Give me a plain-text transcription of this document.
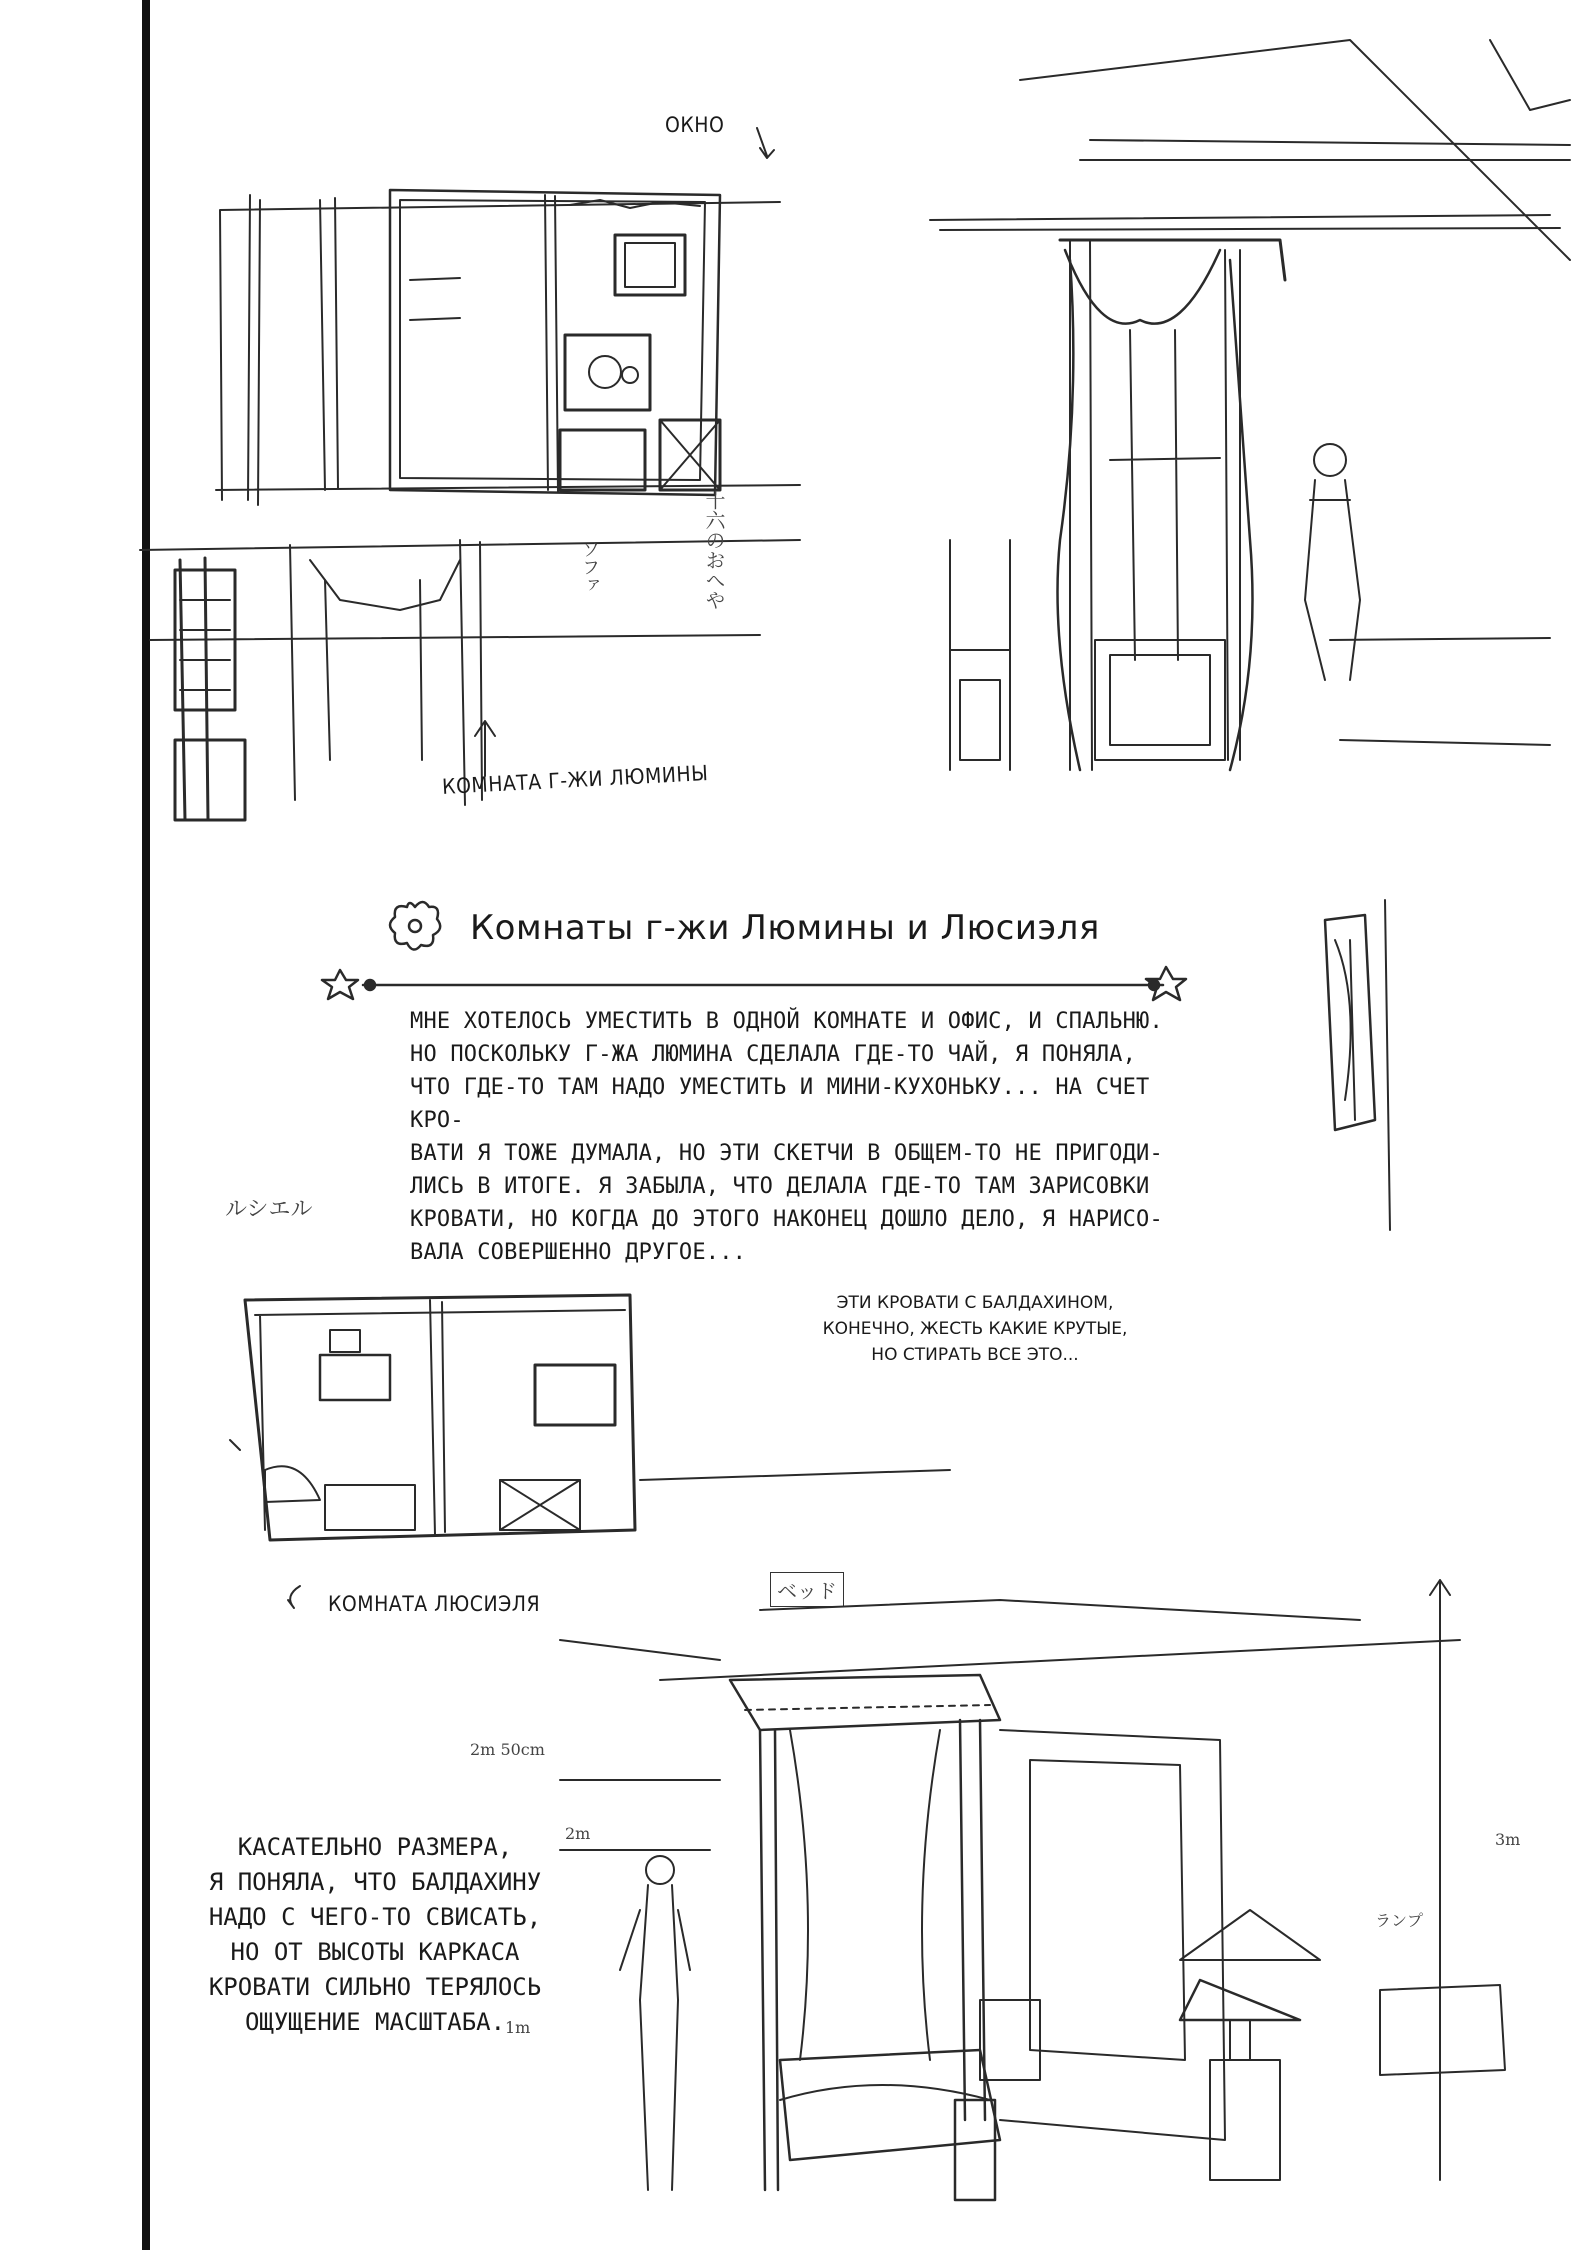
ОКНО
КОМНАТА Г-ЖИ ЛЮМИНЫ
十六のおへや
ソファ
Комнаты г-жи Люмины и Люсиэля
МНЕ ХОТЕЛОСЬ УМЕСТИТЬ В ОДНОЙ КОМНАТЕ И ОФИС, И СПАЛЬНЮ.
НО ПОСКОЛЬКУ Г-ЖА ЛЮМИНА СДЕЛАЛА ГДЕ-ТО ЧАЙ, Я ПОНЯЛА,
ЧТО ГДЕ-ТО ТАМ НАДО УМЕСТИТЬ И МИНИ-КУХОНЬКУ... НА СЧЕТ КРО-
ВАТИ Я ТОЖЕ ДУМАЛА, НО ЭТИ СКЕТЧИ В ОБЩЕМ-ТО НЕ ПРИГОДИ-
ЛИСЬ В ИТОГЕ. Я ЗАБЫЛА, ЧТО ДЕЛАЛА ГДЕ-ТО ТАМ ЗАРИСОВКИ
КРОВАТИ, НО КОГДА ДО ЭТОГО НАКОНЕЦ ДОШЛО ДЕЛО, Я НАРИСО-
ВАЛА СОВЕРШЕННО ДРУГОЕ...
ルシエル
ЭТИ КРОВАТИ С БАЛДАХИНОМ,
КОНЕЧНО, ЖЕСТЬ КАКИЕ КРУТЫЕ,
НО СТИРАТЬ ВСЕ ЭТО...
КОМНАТА ЛЮСИЭЛЯ
ベッド
2m 50cm
2m
1m
3m
ランプ
КАСАТЕЛЬНО РАЗМЕРА,
Я ПОНЯЛА, ЧТО БАЛДАХИНУ
НАДО С ЧЕГО-ТО СВИСАТЬ,
НО ОТ ВЫСОТЫ КАРКАСА
КРОВАТИ СИЛЬНО ТЕРЯЛОСЬ
ОЩУЩЕНИЕ МАСШТАБА.
